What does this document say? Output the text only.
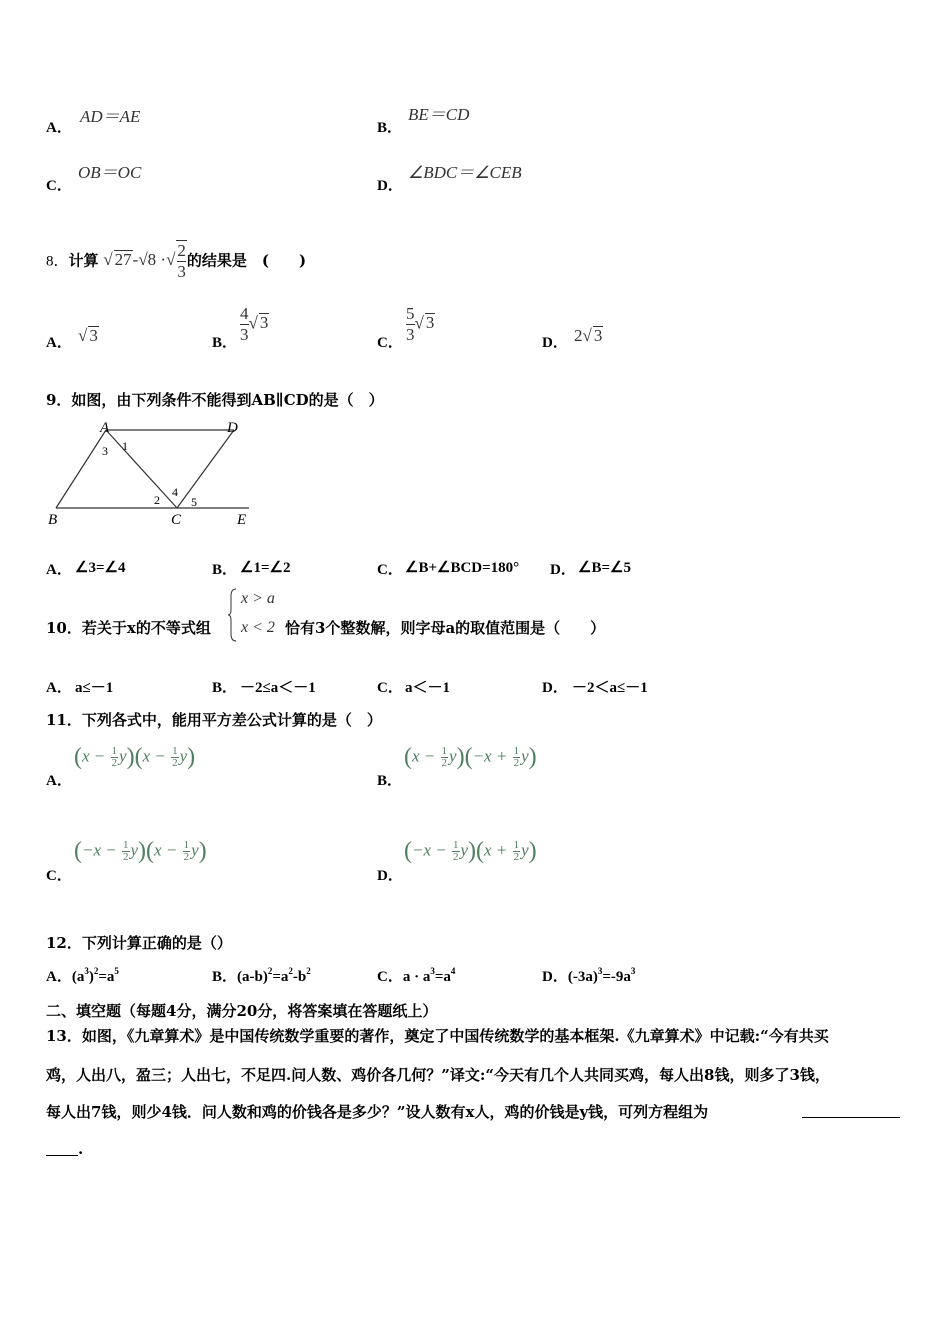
A．
AD＝AE
B．
BE＝CD
C．
OB＝OC
D．
∠BDC＝∠CEB
8．计算 √ 27-√8 ·√ $\frac{2}{3}$ 的结果是　(　　)
A． √ 3	B． $\frac{4}{3}$ √ 3
C． $\frac{5}{3}$ √ 3
D． 2√ 3
9．如图，由下列条件不能得到AB∥CD的是（　）
A	D
B	C	E
1
2
3
4
5
A． ∠3=∠4	B． ∠1=∠2	C． ∠B+∠BCD=180° D． ∠B=∠5
10．若关于x的不等式组
x > a
x < 2 恰有3个整数解，则字母a的取值范围是（　　）
A． a≤－1	B． －2≤a＜－1	C． a＜－1	D． －2＜a≤－1
11．下列各式中，能用平方差公式计算的是（　）
A．
$(x - \frac{1}{2} y)(x - \frac{1}{2} y)$
B．
$(x - \frac{1}{2} y)(-x + \frac{1}{2} y)$
C．
$(-x - \frac{1}{2} y)(x - \frac{1}{2} y)$
D．
$(-x - \frac{1}{2} y)(x + \frac{1}{2} y)$
12．下列计算正确的是（）
A．$(a^3)^2=a^5$	B．$(a-b)^2=a^2-b^2$	C．$a \cdot a^3=a^4$	D．$(-3a)^3=-9a^3$
二、填空题（每题4分，满分20分，将答案填在答题纸上）
13．如图，《九章算术》是中国传统数学重要的著作，奠定了中国传统数学的基本框架.《九章算术》中记载:“今有共买
鸡，人出八，盈三；人出七，不足四.问人数、鸡价各几何？”译文:“今天有几个人共同买鸡，每人出8钱，则多了3钱，
每人出7钱，则少4钱．问人数和鸡的价钱各是多少？”设人数有x人，鸡的价钱是y钱，可列方程组为
.
